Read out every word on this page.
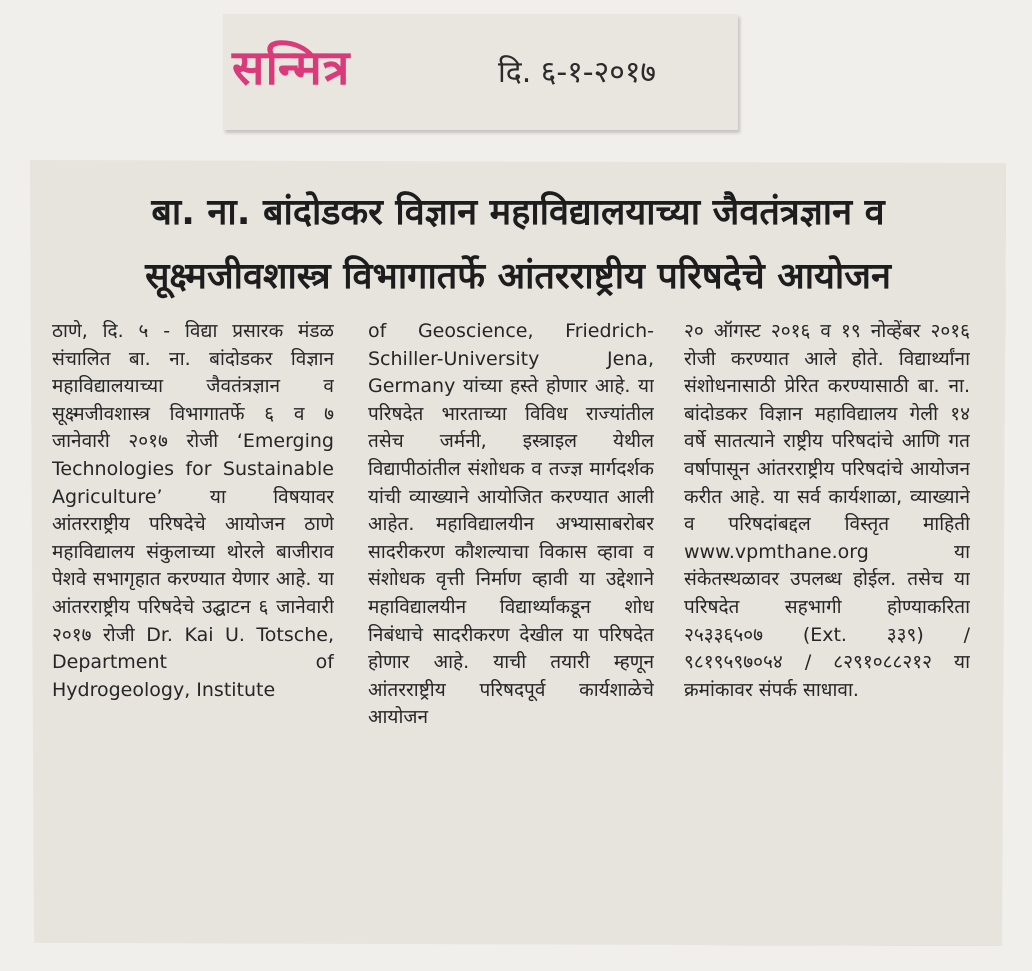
सन्मित्र	दि. ६-१-२०१७
बा. ना. बांदोडकर विज्ञान महाविद्यालयाच्या जैवतंत्रज्ञान व
सूक्ष्मजीवशास्त्र विभागातर्फे आंतरराष्ट्रीय परिषदेचे आयोजन

ठाणे, दि. ५ - विद्या प्रसारक मंडळ संचालित बा. ना. बांदोडकर विज्ञान महाविद्यालयाच्या जैवतंत्रज्ञान व सूक्ष्मजीवशास्त्र विभागातर्फे ६ व ७ जानेवारी २०१७ रोजी ‘Emerging Technologies for Sustainable Agriculture’ या विषयावर आंतरराष्ट्रीय परिषदेचे आयोजन ठाणे महाविद्यालय संकुलाच्या थोरले बाजीराव पेशवे सभागृहात करण्यात येणार आहे. या आंतरराष्ट्रीय परिषदेचे उद्घाटन ६ जानेवारी २०१७ रोजी Dr. Kai U. Totsche, Department of Hydrogeology, Institute

of Geoscience, Friedrich-Schiller-University Jena, Germany यांच्या हस्ते होणार आहे. या परिषदेत भारताच्या विविध राज्यांतील तसेच जर्मनी, इस्त्राइल येथील विद्यापीठांतील संशोधक व तज्ज्ञ मार्गदर्शक यांची व्याख्याने आयोजित करण्यात आली आहेत. महाविद्यालयीन अभ्यासाबरोबर सादरीकरण कौशल्याचा विकास व्हावा व संशोधक वृत्ती निर्माण व्हावी या उद्देशाने महाविद्यालयीन विद्यार्थ्यांकडून शोध निबंधाचे सादरीकरण देखील या परिषदेत होणार आहे. याची तयारी म्हणून आंतरराष्ट्रीय परिषदपूर्व कार्यशाळेचे आयोजन

२० ऑगस्ट २०१६ व १९ नोव्हेंबर २०१६ रोजी करण्यात आले होते. विद्यार्थ्यांना संशोधनासाठी प्रेरित करण्यासाठी बा. ना. बांदोडकर विज्ञान महाविद्यालय गेली १४ वर्षे सातत्याने राष्ट्रीय परिषदांचे आणि गत वर्षापासून आंतरराष्ट्रीय परिषदांचे आयोजन करीत आहे. या सर्व कार्यशाळा, व्याख्याने व परिषदांबद्दल विस्तृत माहिती www.vpmthane.org या संकेतस्थळावर उपलब्ध होईल. तसेच या परिषदेत सहभागी होण्याकरिता २५३३६५०७ (Ext. ३३९) / ९८१९५९७०५४ / ८२९१०८८२१२ या क्रमांकावर संपर्क साधावा.
